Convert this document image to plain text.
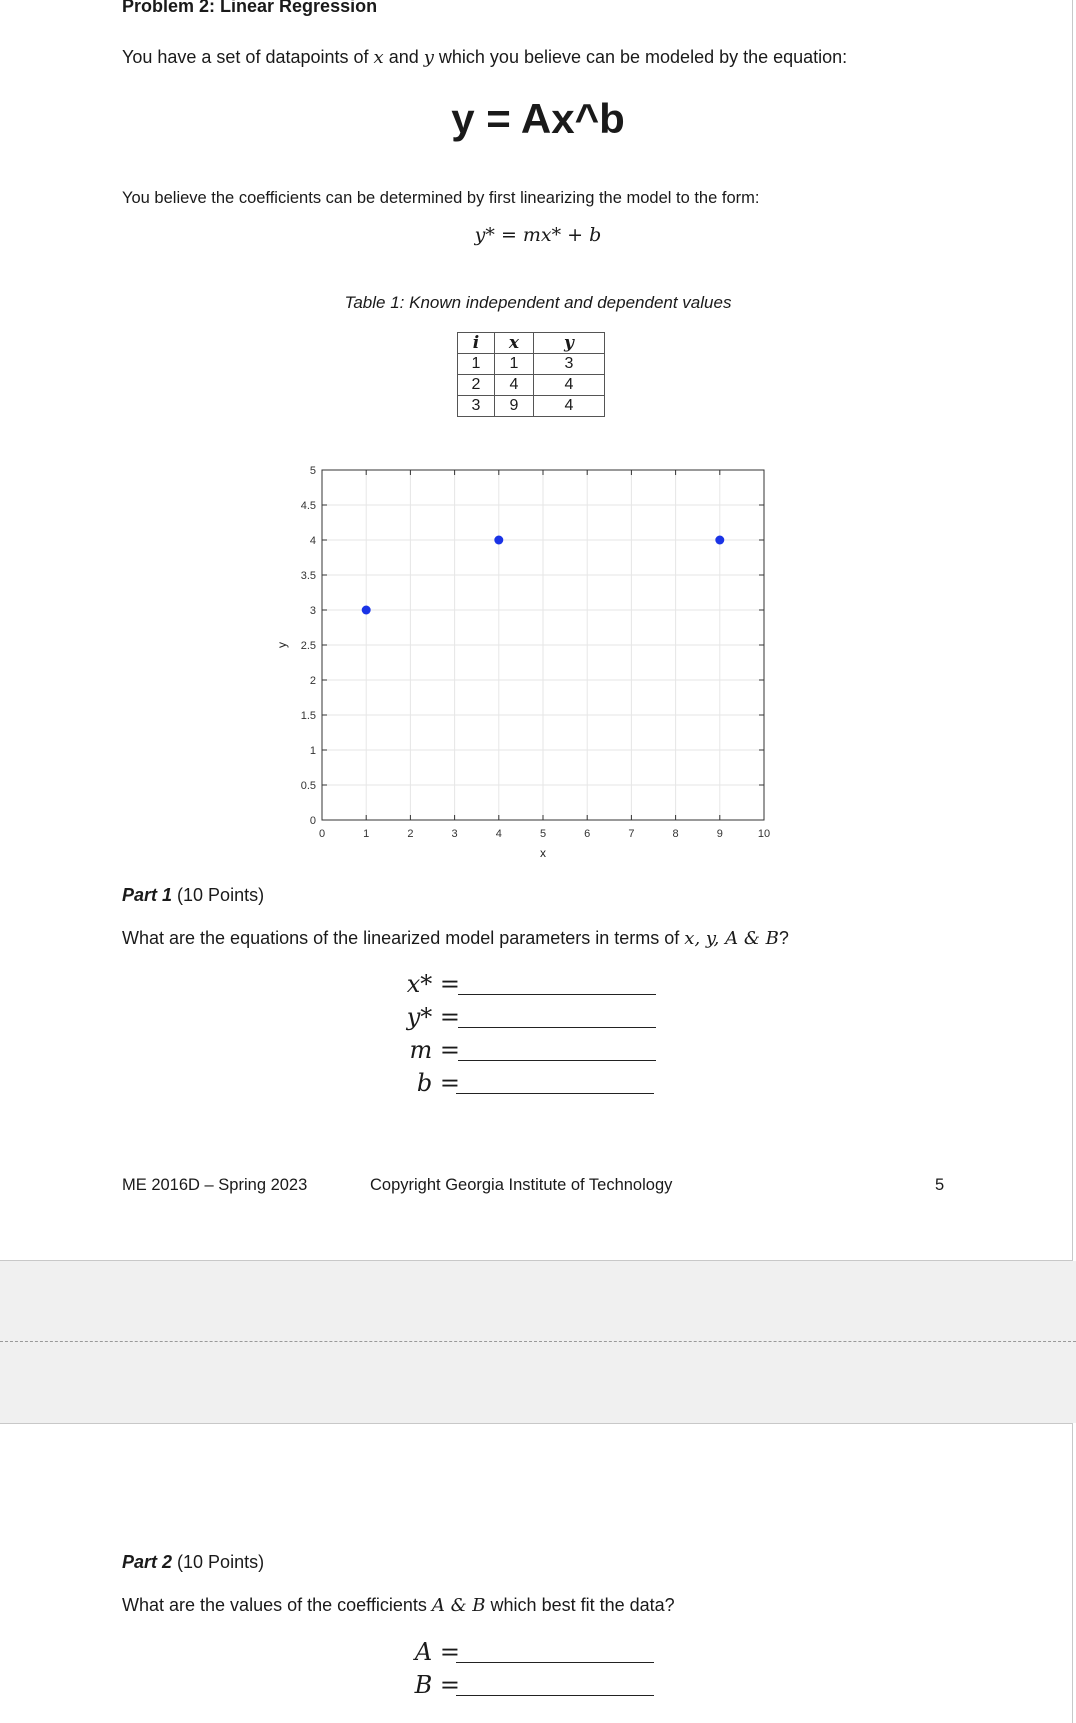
Problem 2: Linear Regression
You have a set of datapoints of x and y which you believe can be modeled by the equation:
y = Ax^b
You believe the coefficients can be determined by first linearizing the model to the form:
y* = mx* + b
Table 1: Known independent and dependent values
i	x	y
1	1	3
2	4	4
3	9	4
0	1	2	3	4	5	6	7	8	9	10
0
0.5
1
1.5
2
2.5
3
3.5
4
4.5
5
x
y
Part 1 (10 Points)
What are the equations of the linearized model parameters in terms of x, y, A & B?
x* =
y* =
m =
b =
ME 2016D – Spring 2023	Copyright Georgia Institute of Technology	5
Part 2 (10 Points)
What are the values of the coefficients A & B which best fit the data?
A =
B =
